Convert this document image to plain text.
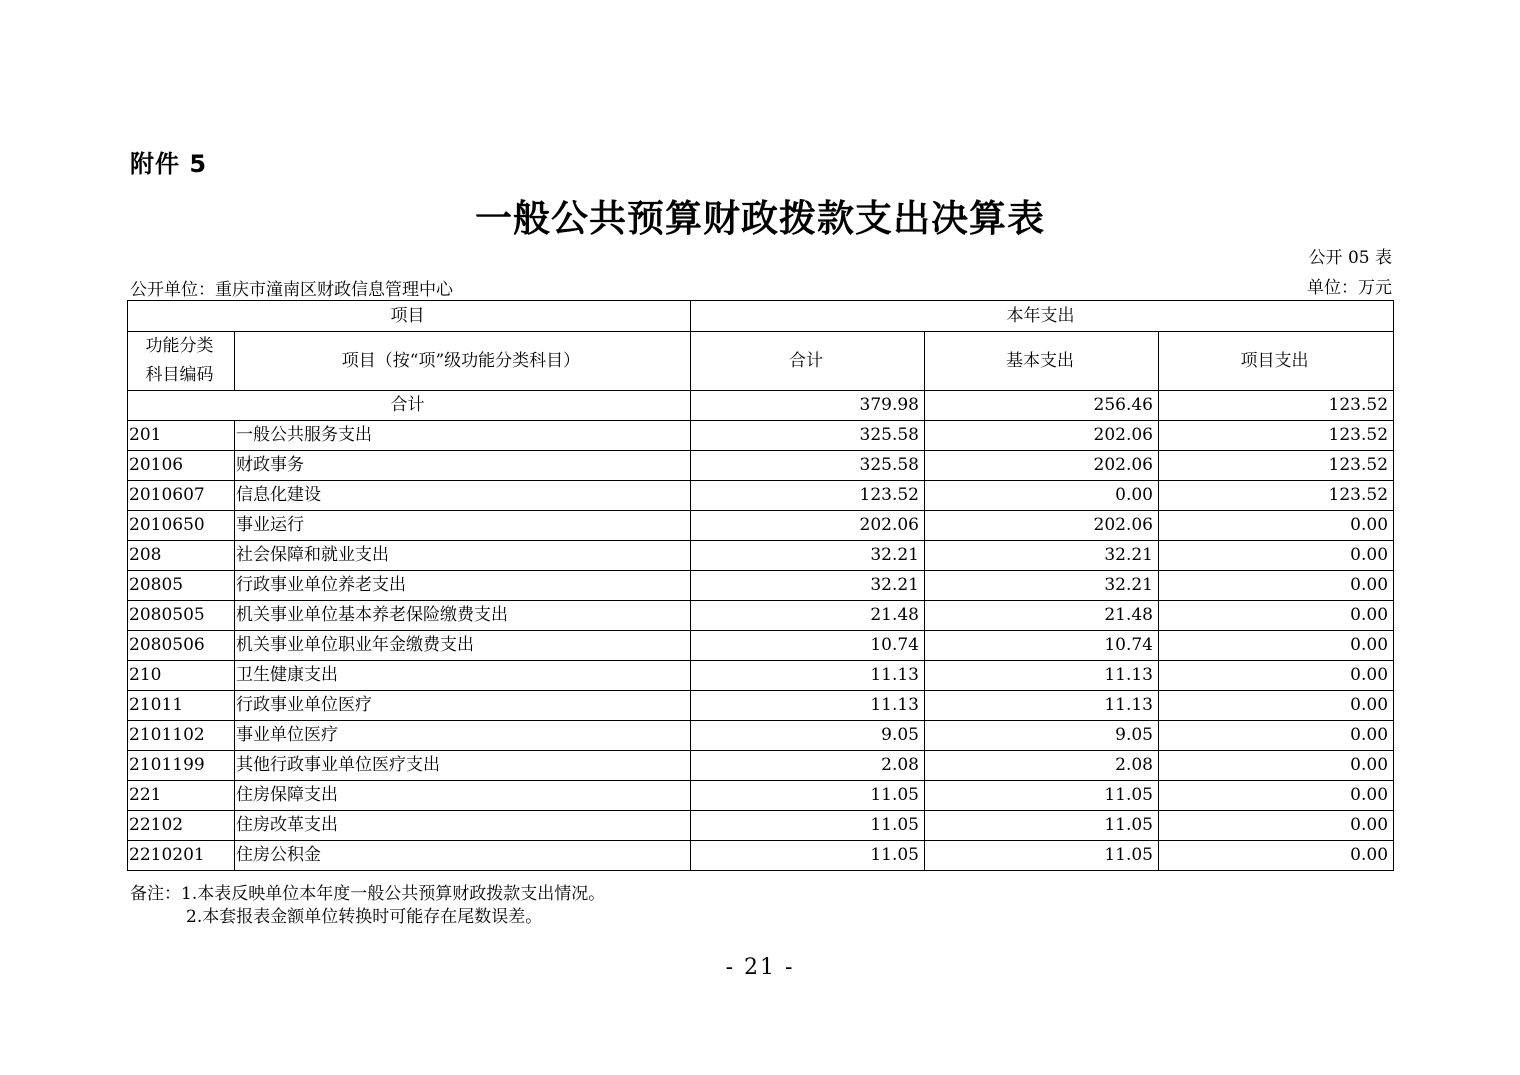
附件 5
一般公共预算财政拨款支出决算表
公开 05 表
公开单位：重庆市潼南区财政信息管理中心	单位：万元
项目		本年支出		
功能分类
科目编码	项目（按“项”级功能分类科目）	合计	基本支出	项目支出
合计		379.98	256.46	123.52
201	一般公共服务支出	325.58	202.06	123.52
20106	财政事务	325.58	202.06	123.52
2010607	信息化建设	123.52	0.00	123.52
2010650	事业运行	202.06	202.06	0.00
208	社会保障和就业支出	32.21	32.21	0.00
20805	行政事业单位养老支出	32.21	32.21	0.00
2080505	机关事业单位基本养老保险缴费支出	21.48	21.48	0.00
2080506	机关事业单位职业年金缴费支出	10.74	10.74	0.00
210	卫生健康支出	11.13	11.13	0.00
21011	行政事业单位医疗	11.13	11.13	0.00
2101102	事业单位医疗	9.05	9.05	0.00
2101199	其他行政事业单位医疗支出	2.08	2.08	0.00
221	住房保障支出	11.05	11.05	0.00
22102	住房改革支出	11.05	11.05	0.00
2210201	住房公积金	11.05	11.05	0.00
备注：1.本表反映单位本年度一般公共预算财政拨款支出情况。
2.本套报表金额单位转换时可能存在尾数误差。
- 21 -
